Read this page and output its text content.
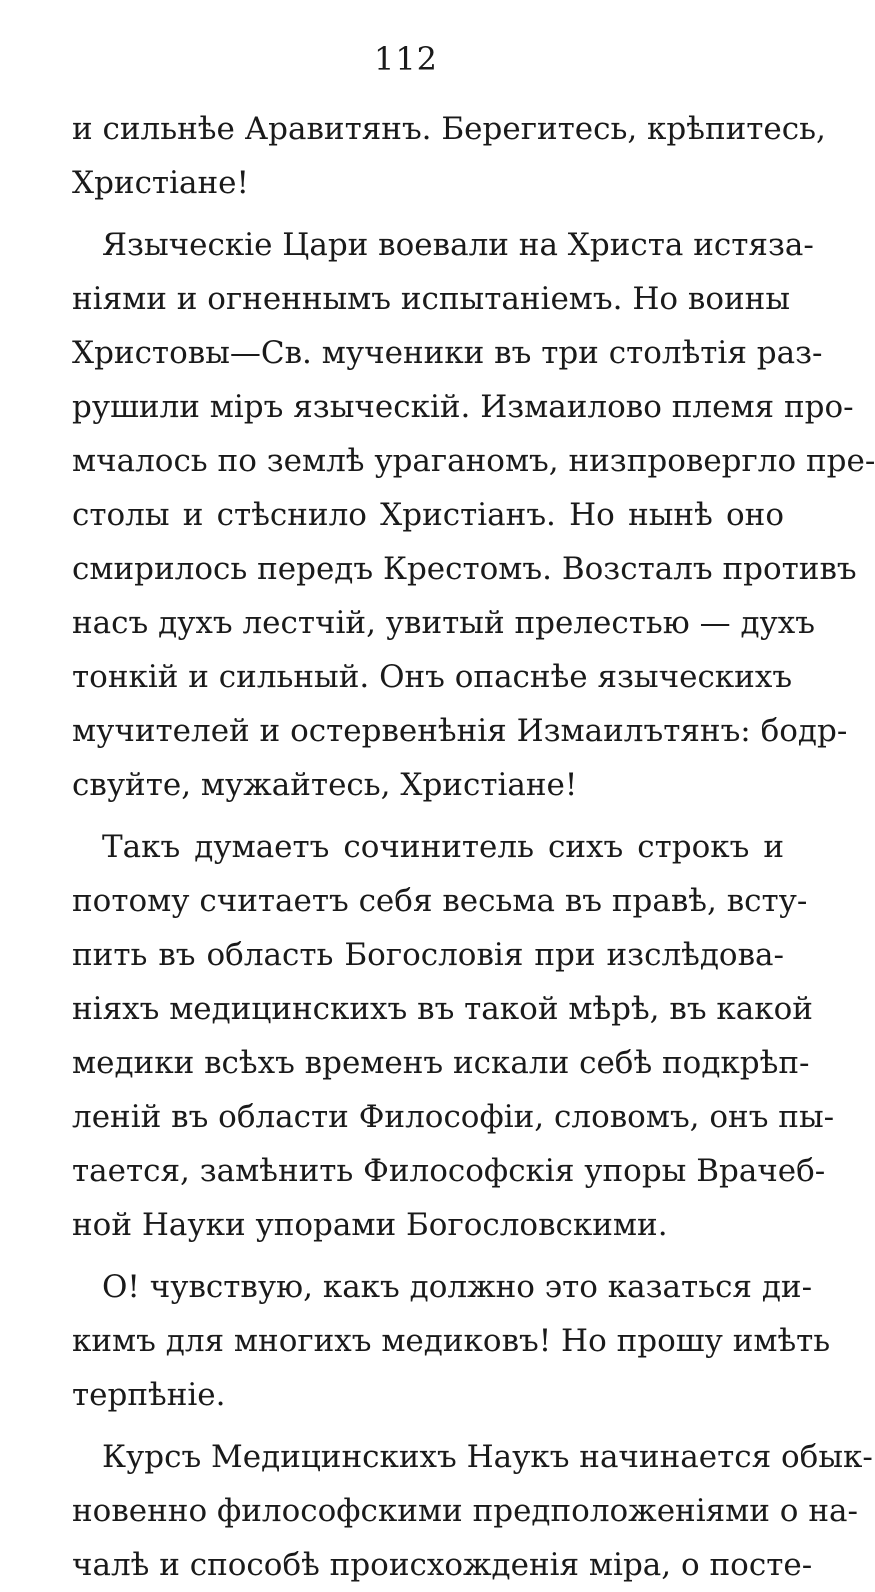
112
и сильнѣе Аравитянъ. Берегитесь, крѣпитесь,
Христіане!
Языческіе Цари воевали на Христа истяза-
ніями и огненнымъ испытаніемъ. Но воины
Христовы—Св. мученики въ три столѣтія раз-
рушили міръ языческій. Измаилово племя про-
мчалось по землѣ ураганомъ, низпровергло пре-
столы и стѣснило Христіанъ. Но нынѣ оно
смирилось передъ Крестомъ. Возсталъ противъ
насъ духъ лестчій, увитый прелестью — духъ
тонкій и сильный. Онъ опаснѣе языческихъ
мучителей и остервенѣнія Измаилътянъ: бодр-
свуйте, мужайтесь, Христіане!
Такъ думаетъ сочинитель сихъ строкъ и
потому считаетъ себя весьма въ правѣ, всту-
пить въ область Богословія при изслѣдова-
ніяхъ медицинскихъ въ такой мѣрѣ, въ какой
медики всѣхъ временъ искали себѣ подкрѣп-
леній въ области Философіи, словомъ, онъ пы-
тается, замѣнить Философскія упоры Врачеб-
ной Науки упорами Богословскими.
О! чувствую, какъ должно это казаться ди-
кимъ для многихъ медиковъ! Но прошу имѣть
терпѣніе.
Курсъ Медицинскихъ Наукъ начинается обык-
новенно философскими предположеніями о на-
чалѣ и способѣ происхожденія міра, о посте-
